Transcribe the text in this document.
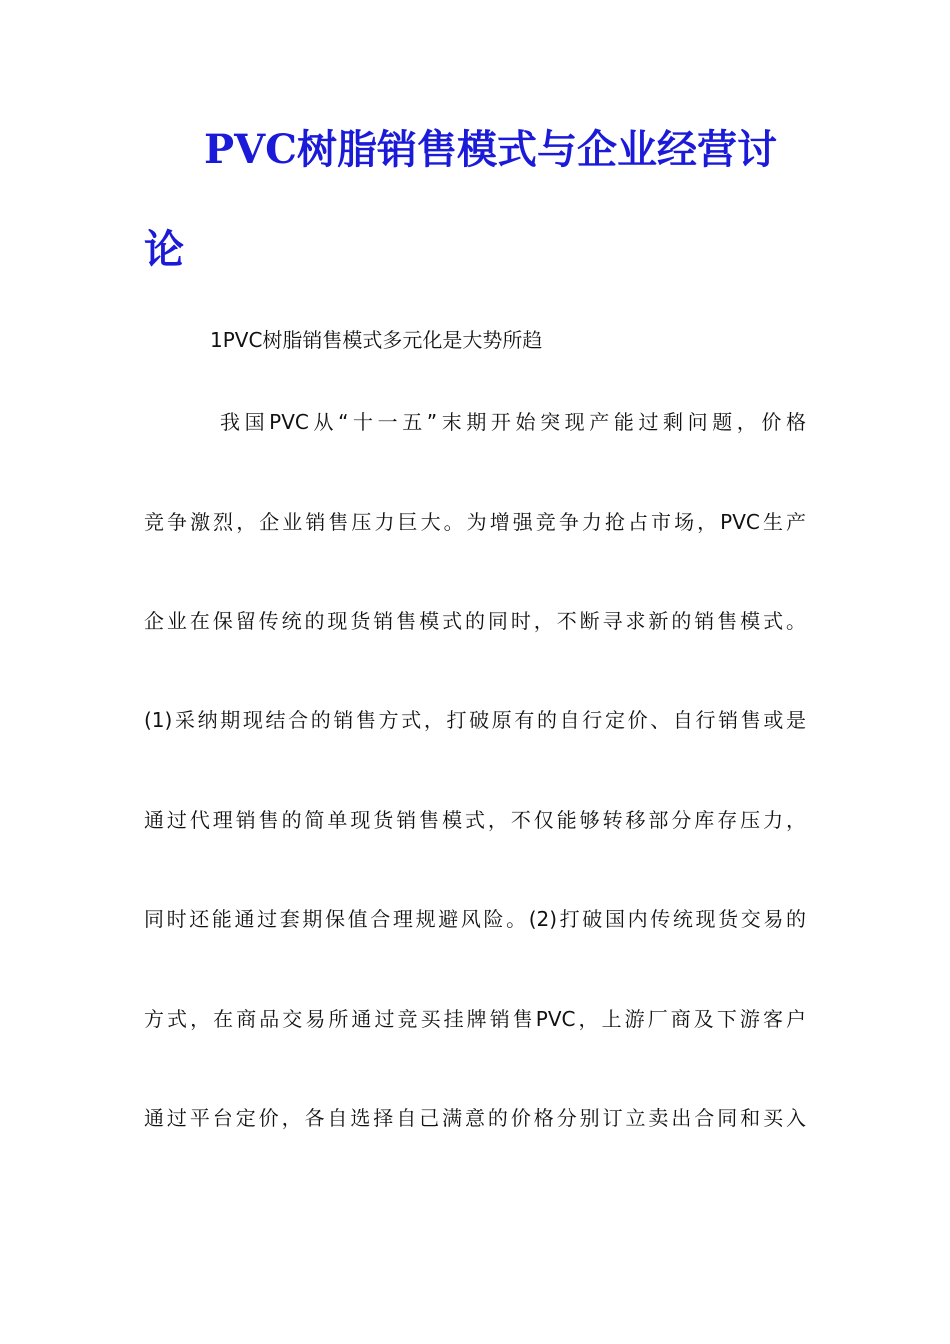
PVC树脂销售模式与企业经营讨
论
1PVC树脂销售模式多元化是大势所趋
我国PVC从“十一五”末期开始突现产能过剩问题，价格
竞争激烈，企业销售压力巨大。为增强竞争力抢占市场，PVC生产
企业在保留传统的现货销售模式的同时，不断寻求新的销售模式。
(1)采纳期现结合的销售方式，打破原有的自行定价、自行销售或是
通过代理销售的简单现货销售模式，不仅能够转移部分库存压力，
同时还能通过套期保值合理规避风险。(2)打破国内传统现货交易的
方式，在商品交易所通过竞买挂牌销售PVC，上游厂商及下游客户
通过平台定价，各自选择自己满意的价格分别订立卖出合同和买入
